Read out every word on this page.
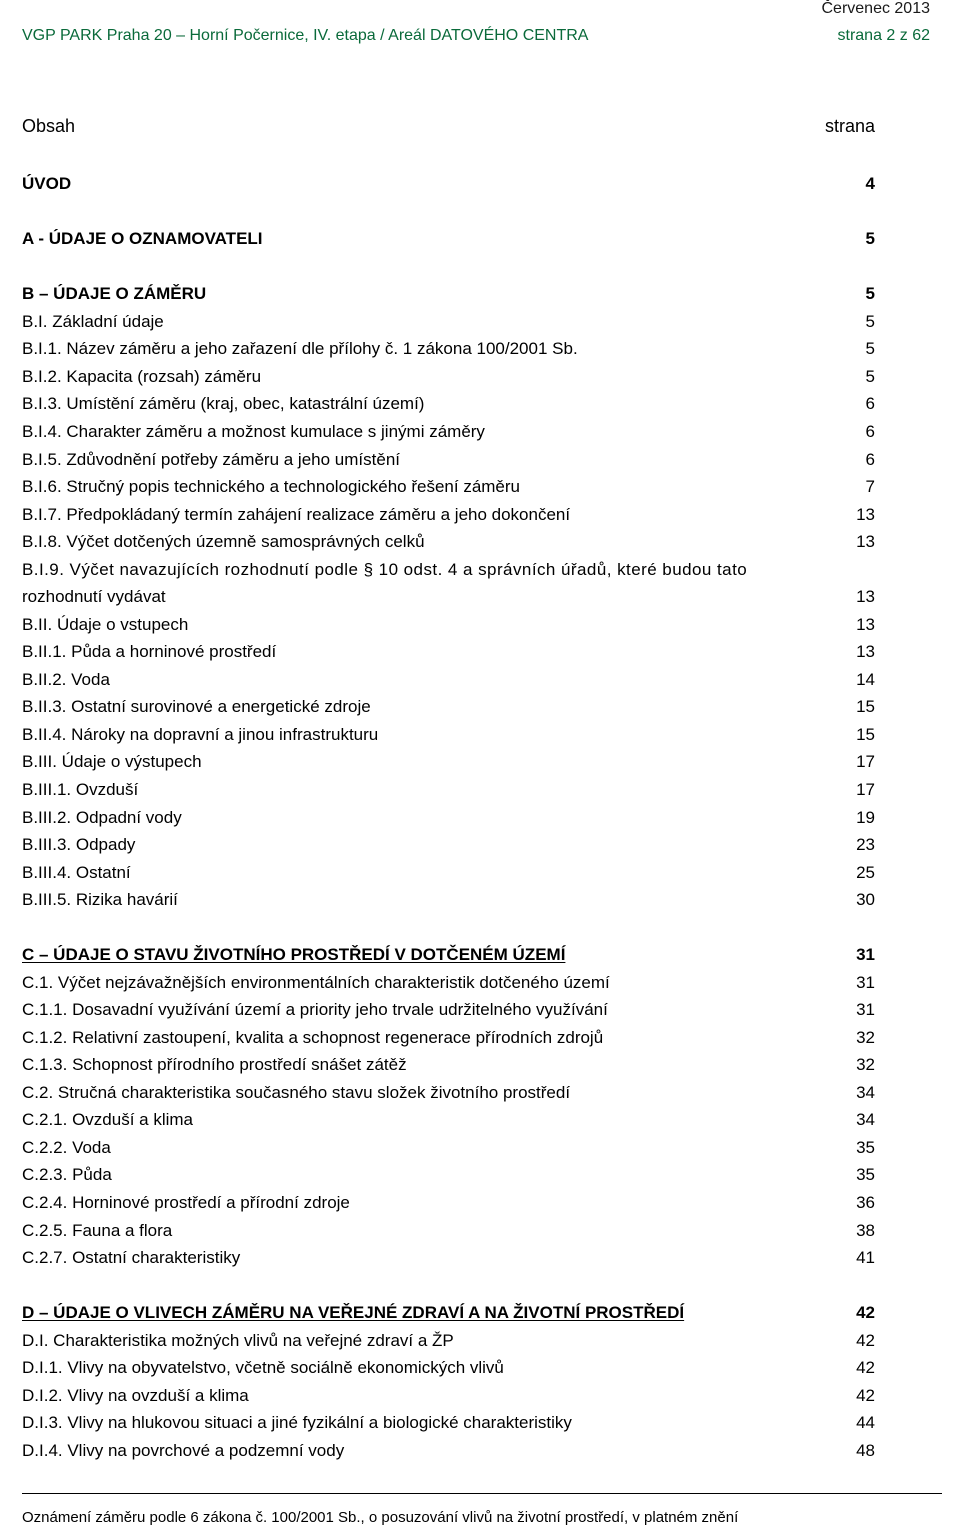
Červenec 2013
VGP PARK Praha 20 – Horní Počernice, IV. etapa / Areál DATOVÉHO CENTRA	strana 2 z 62
Obsah	strana
ÚVOD	4
A - ÚDAJE O OZNAMOVATELI	5
B – ÚDAJE O ZÁMĚRU	5
B.I. Základní údaje	5
B.I.1. Název záměru a jeho zařazení dle přílohy č. 1 zákona 100/2001 Sb.	5
B.I.2. Kapacita (rozsah) záměru	5
B.I.3. Umístění záměru (kraj, obec, katastrální území)	6
B.I.4. Charakter záměru a možnost kumulace s jinými záměry	6
B.I.5. Zdůvodnění potřeby záměru a jeho umístění	6
B.I.6. Stručný popis technického a technologického řešení záměru	7
B.I.7. Předpokládaný termín zahájení realizace záměru a jeho dokončení	13
B.I.8. Výčet dotčených územně samosprávných celků	13
B.I.9. Výčet navazujících rozhodnutí podle § 10 odst. 4 a správních úřadů, které budou tato
rozhodnutí vydávat	13
B.II. Údaje o vstupech	13
B.II.1. Půda a horninové prostředí	13
B.II.2. Voda	14
B.II.3. Ostatní surovinové a energetické zdroje	15
B.II.4. Nároky na dopravní a jinou infrastrukturu	15
B.III. Údaje o výstupech	17
B.III.1. Ovzduší	17
B.III.2. Odpadní vody	19
B.III.3. Odpady	23
B.III.4. Ostatní	25
B.III.5. Rizika havárií	30
C – ÚDAJE O STAVU ŽIVOTNÍHO PROSTŘEDÍ V DOTČENÉM ÚZEMÍ	31
C.1. Výčet nejzávažnějších environmentálních charakteristik dotčeného území	31
C.1.1. Dosavadní využívání území a priority jeho trvale udržitelného využívání	31
C.1.2. Relativní zastoupení, kvalita a schopnost regenerace přírodních zdrojů	32
C.1.3. Schopnost přírodního prostředí snášet zátěž	32
C.2. Stručná charakteristika současného stavu složek životního prostředí	34
C.2.1. Ovzduší a klima	34
C.2.2. Voda	35
C.2.3. Půda	35
C.2.4. Horninové prostředí a přírodní zdroje	36
C.2.5. Fauna a flora	38
C.2.7. Ostatní charakteristiky	41
D – ÚDAJE O VLIVECH ZÁMĚRU NA VEŘEJNÉ ZDRAVÍ A NA ŽIVOTNÍ PROSTŘEDÍ	42
D.I. Charakteristika možných vlivů na veřejné zdraví a ŽP	42
D.I.1. Vlivy na obyvatelstvo, včetně sociálně ekonomických vlivů	42
D.I.2. Vlivy na ovzduší a klima	42
D.I.3. Vlivy na hlukovou situaci a jiné fyzikální a biologické charakteristiky	44
D.I.4. Vlivy na povrchové a podzemní vody	48
Oznámení záměru podle 6 zákona č. 100/2001 Sb., o posuzování vlivů na životní prostředí, v platném znění
